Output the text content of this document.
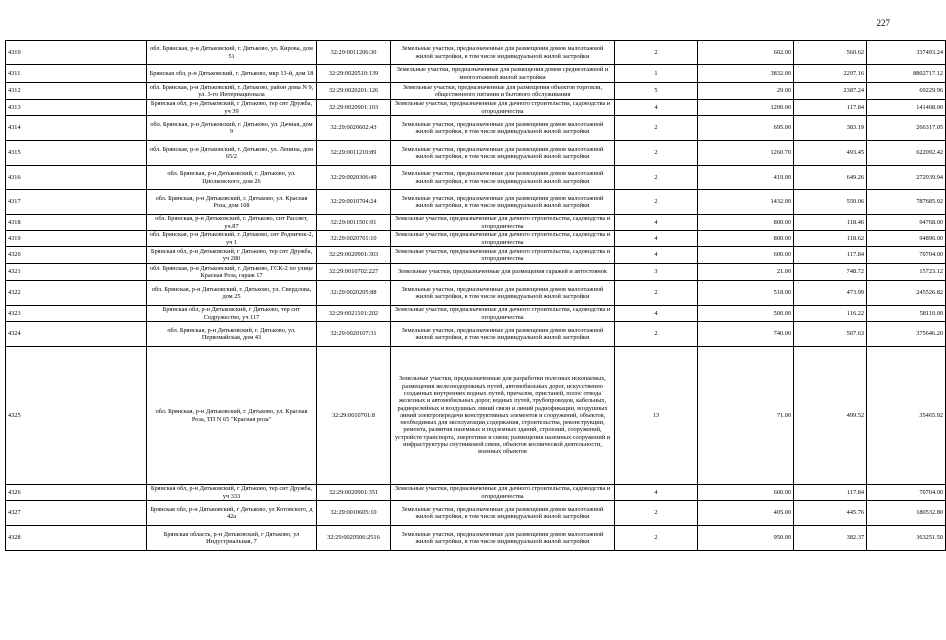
227
4310	обл. Брянская, р-н Дятьковский, г. Дятьково, ул. Кирова, дом 51	32:29:0011206:30	Земельные участки, предназначенные для размещения домов малоэтажной жилой застройки, в том числе индивидуальной жилой застройки	2	602.00	560.62	337493.24
4311	Брянская обл, р-н Дятьковский, г. Дятьково, мкр 13-й, дом 18	32:29:0020510:139	Земельные участки, предназначенные для размещения домов среднеэтажной и многоэтажной жилой застройки	1	3832.00	2297.16	8802717.12
4312	обл. Брянская, р-н Дятьковский, г. Дятьково, район дома N 9, ул. 3-го Интернационала	32:29:0020201:126	Земельные участки, предназначенные для размещения объектов торговли, общественного питания и бытового обслуживания	5	29.00	2387.24	69229.96
4313	Брянская обл, р-н Дятьковский, г Дятьково, тер снт Дружба, уч 39	32:29:0020901:103	Земельные участки, предназначенные для дачного строительства, садоводства и огородничества	4	1200.00	117.84	141408.00
4314	обл. Брянская, р-н Дятьковский, г. Дятьково, ул. Дачная, дом 9	32:29:0020602:43	Земельные участки, предназначенные для размещения домов малоэтажной жилой застройки, в том числе индивидуальной жилой застройки	2	695.00	383.19	266317.05
4315	обл. Брянская, р-н Дятьковский, г. Дятьково, ул. Ленина, дом 65/2	32:29:0011210:89	Земельные участки, предназначенные для размещения домов малоэтажной жилой застройки, в том числе индивидуальной жилой застройки	2	1260.70	493.45	622092.42
4316	обл. Брянская, р-н Дятьковский, г. Дятьково, ул. Циолковского, дом 26	32:29:0020306:49	Земельные участки, предназначенные для размещения домов малоэтажной жилой застройки, в том числе индивидуальной жилой застройки	2	419.00	649.26	272039.94
4317	обл. Брянская, р-н Дятьковский, г. Дятьково, ул. Красная Роза, дом 108	32:29:0010704:24	Земельные участки, предназначенные для размещения домов малоэтажной жилой застройки, в том числе индивидуальной жилой застройки	2	1432.00	550.06	787685.92
4318	обл. Брянская, р-н Дятьковский, г. Дятьково, снт Рассвет, уч.87	32:29:0011501:91	Земельные участки, предназначенные для дачного строительства, садоводства и огородничества	4	800.00	118.46	94768.00
4319	обл. Брянская, р-н Дятьковский, г. Дятьково, снт Родничок-2, уч 1	32:29:0020701:10	Земельные участки, предназначенные для дачного строительства, садоводства и огородничества	4	800.00	118.62	94896.00
4320	Брянская обл, р-н Дятьковский, г Дятьково, тер снт Дружба, уч 280	32:29:0020901:303	Земельные участки, предназначенные для дачного строительства, садоводства и огородничества	4	600.00	117.84	70704.00
4321	обл. Брянская, р-н Дятьковский, г. Дятьково, ГСК-2 по улице Красная Роза, гараж 17	32:29:0010702:227	Земельные участки, предназначенные для размещения гаражей и автостоянок	3	21.00	748.72	15723.12
4322	обл. Брянская, р-н Дятьковский, г. Дятьково, ул. Свердлова, дом 25	32:29:0020205:88	Земельные участки, предназначенные для размещения домов малоэтажной жилой застройки, в том числе индивидуальной жилой застройки	2	518.00	473.99	245526.82
4323	Брянская обл, р-н Дятьковский, г Дятьково, тер снт Содружество, уч 117	32:29:0021101:202	Земельные участки, предназначенные для дачного строительства, садоводства и огородничества	4	500.00	116.22	58110.00
4324	обл. Брянская, р-н Дятьковский, г. Дятьково, ул. Первомайская, дом 43	32:29:0020107:31	Земельные участки, предназначенные для размещения домов малоэтажной жилой застройки, в том числе индивидуальной жилой застройки	2	740.00	507.63	375646.20
4325	обл. Брянская, р-н Дятьковский, г. Дятьково, ул. Красная Роза, ТП N 65 "Красная роза"	32:29:0010701:8	Земельные участки, предназначенные для разработки полезных ископаемых, размещения железнодорожных путей, автомобильных дорог, искусственно созданных внутренних водных путей, причалов, пристаней, полос отвода железных и автомобильных дорог, водных путей, трубопроводов, кабельных, радиорелейных и воздушных линий связи и линий радиофикации, воздушных линий электропередачи конструктивных элементов и сооружений, объектов, необходимых для эксплуатации,содержания, строительства, реконструкции, ремонта, развития наземных и подземных зданий, строений, сооружений, устройств транспорта, энергетики и связи; размещения наземных сооружений и инфраструктуры спутниковой связи, объектов космической деятельности, военных объектов	13	71.00	499.52	35465.92
4326	Брянская обл, р-н Дятьковский, г Дятьково, тер снт Дружба, уч 333	32:29:0020901:351	Земельные участки, предназначенные для дачного строительства, садоводства и огородничества	4	600.00	117.84	70704.00
4327	Брянская обл, р-н Дятьковский, г Дятьково, ул Котовского, д 42а	32:29:0010605:10	Земельные участки, предназначенные для размещения домов малоэтажной жилой застройки, в том числе индивидуальной жилой застройки	2	405.00	445.76	180532.80
4328	Брянская область, р-н Дятьковский, г Дятьково, ул Индустриальная, 7	32:29:0020506:2516	Земельные участки, предназначенные для размещения домов малоэтажной жилой застройки, в том числе индивидуальной жилой застройки	2	950.00	382.37	363251.50
